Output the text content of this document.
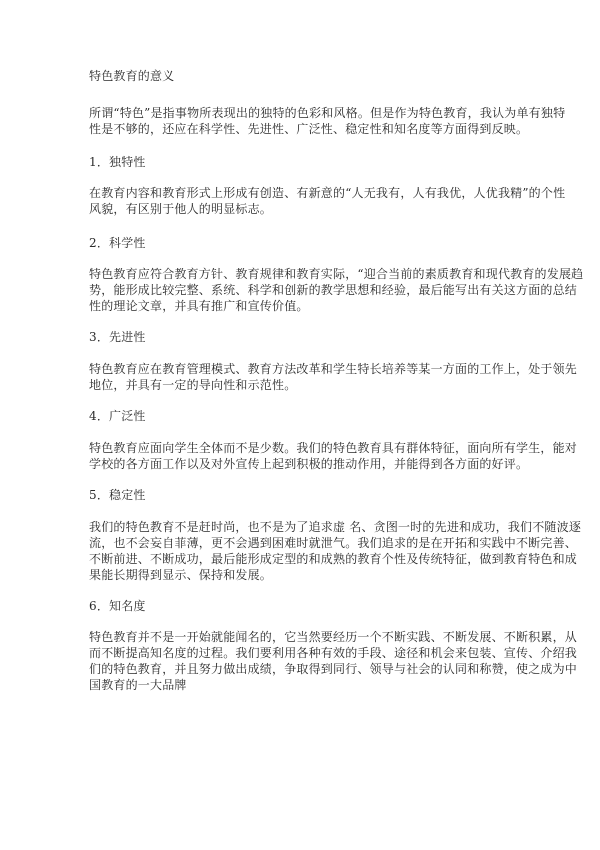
特色教育的意义
所谓“特色”是指事物所表现出的独特的色彩和风格。但是作为特色教育，我认为单有独特
性是不够的，还应在科学性、先进性、广泛性、稳定性和知名度等方面得到反映。
1．独特性
在教育内容和教育形式上形成有创造、有新意的“人无我有，人有我优，人优我精”的个性
风貌，有区别于他人的明显标志。
2．科学性
特色教育应符合教育方针、教育规律和教育实际，“迎合当前的素质教育和现代教育的发展趋
势，能形成比较完整、系统、科学和创新的教学思想和经验，最后能写出有关这方面的总结
性的理论文章，并具有推广和宣传价值。
3．先进性
特色教育应在教育管理模式、教育方法改革和学生特长培养等某一方面的工作上，处于领先
地位，并具有一定的导向性和示范性。
4．广泛性
特色教育应面向学生全体而不是少数。我们的特色教育具有群体特征，面向所有学生，能对
学校的各方面工作以及对外宣传上起到积极的推动作用，并能得到各方面的好评。
5．稳定性
我们的特色教育不是赶时尚，也不是为了追求虚 名、贪图一时的先进和成功，我们不随波逐
流，也不会妄自菲薄，更不会遇到困难时就泄气。我们追求的是在开拓和实践中不断完善、
不断前进、不断成功，最后能形成定型的和成熟的教育个性及传统特征，做到教育特色和成
果能长期得到显示、保持和发展。
6．知名度
特色教育并不是一开始就能闻名的，它当然要经历一个不断实践、不断发展、不断积累，从
而不断提高知名度的过程。我们要利用各种有效的手段、途径和机会来包装、宣传、介绍我
们的特色教育，并且努力做出成绩，争取得到同行、领导与社会的认同和称赞，使之成为中
国教育的一大品牌
